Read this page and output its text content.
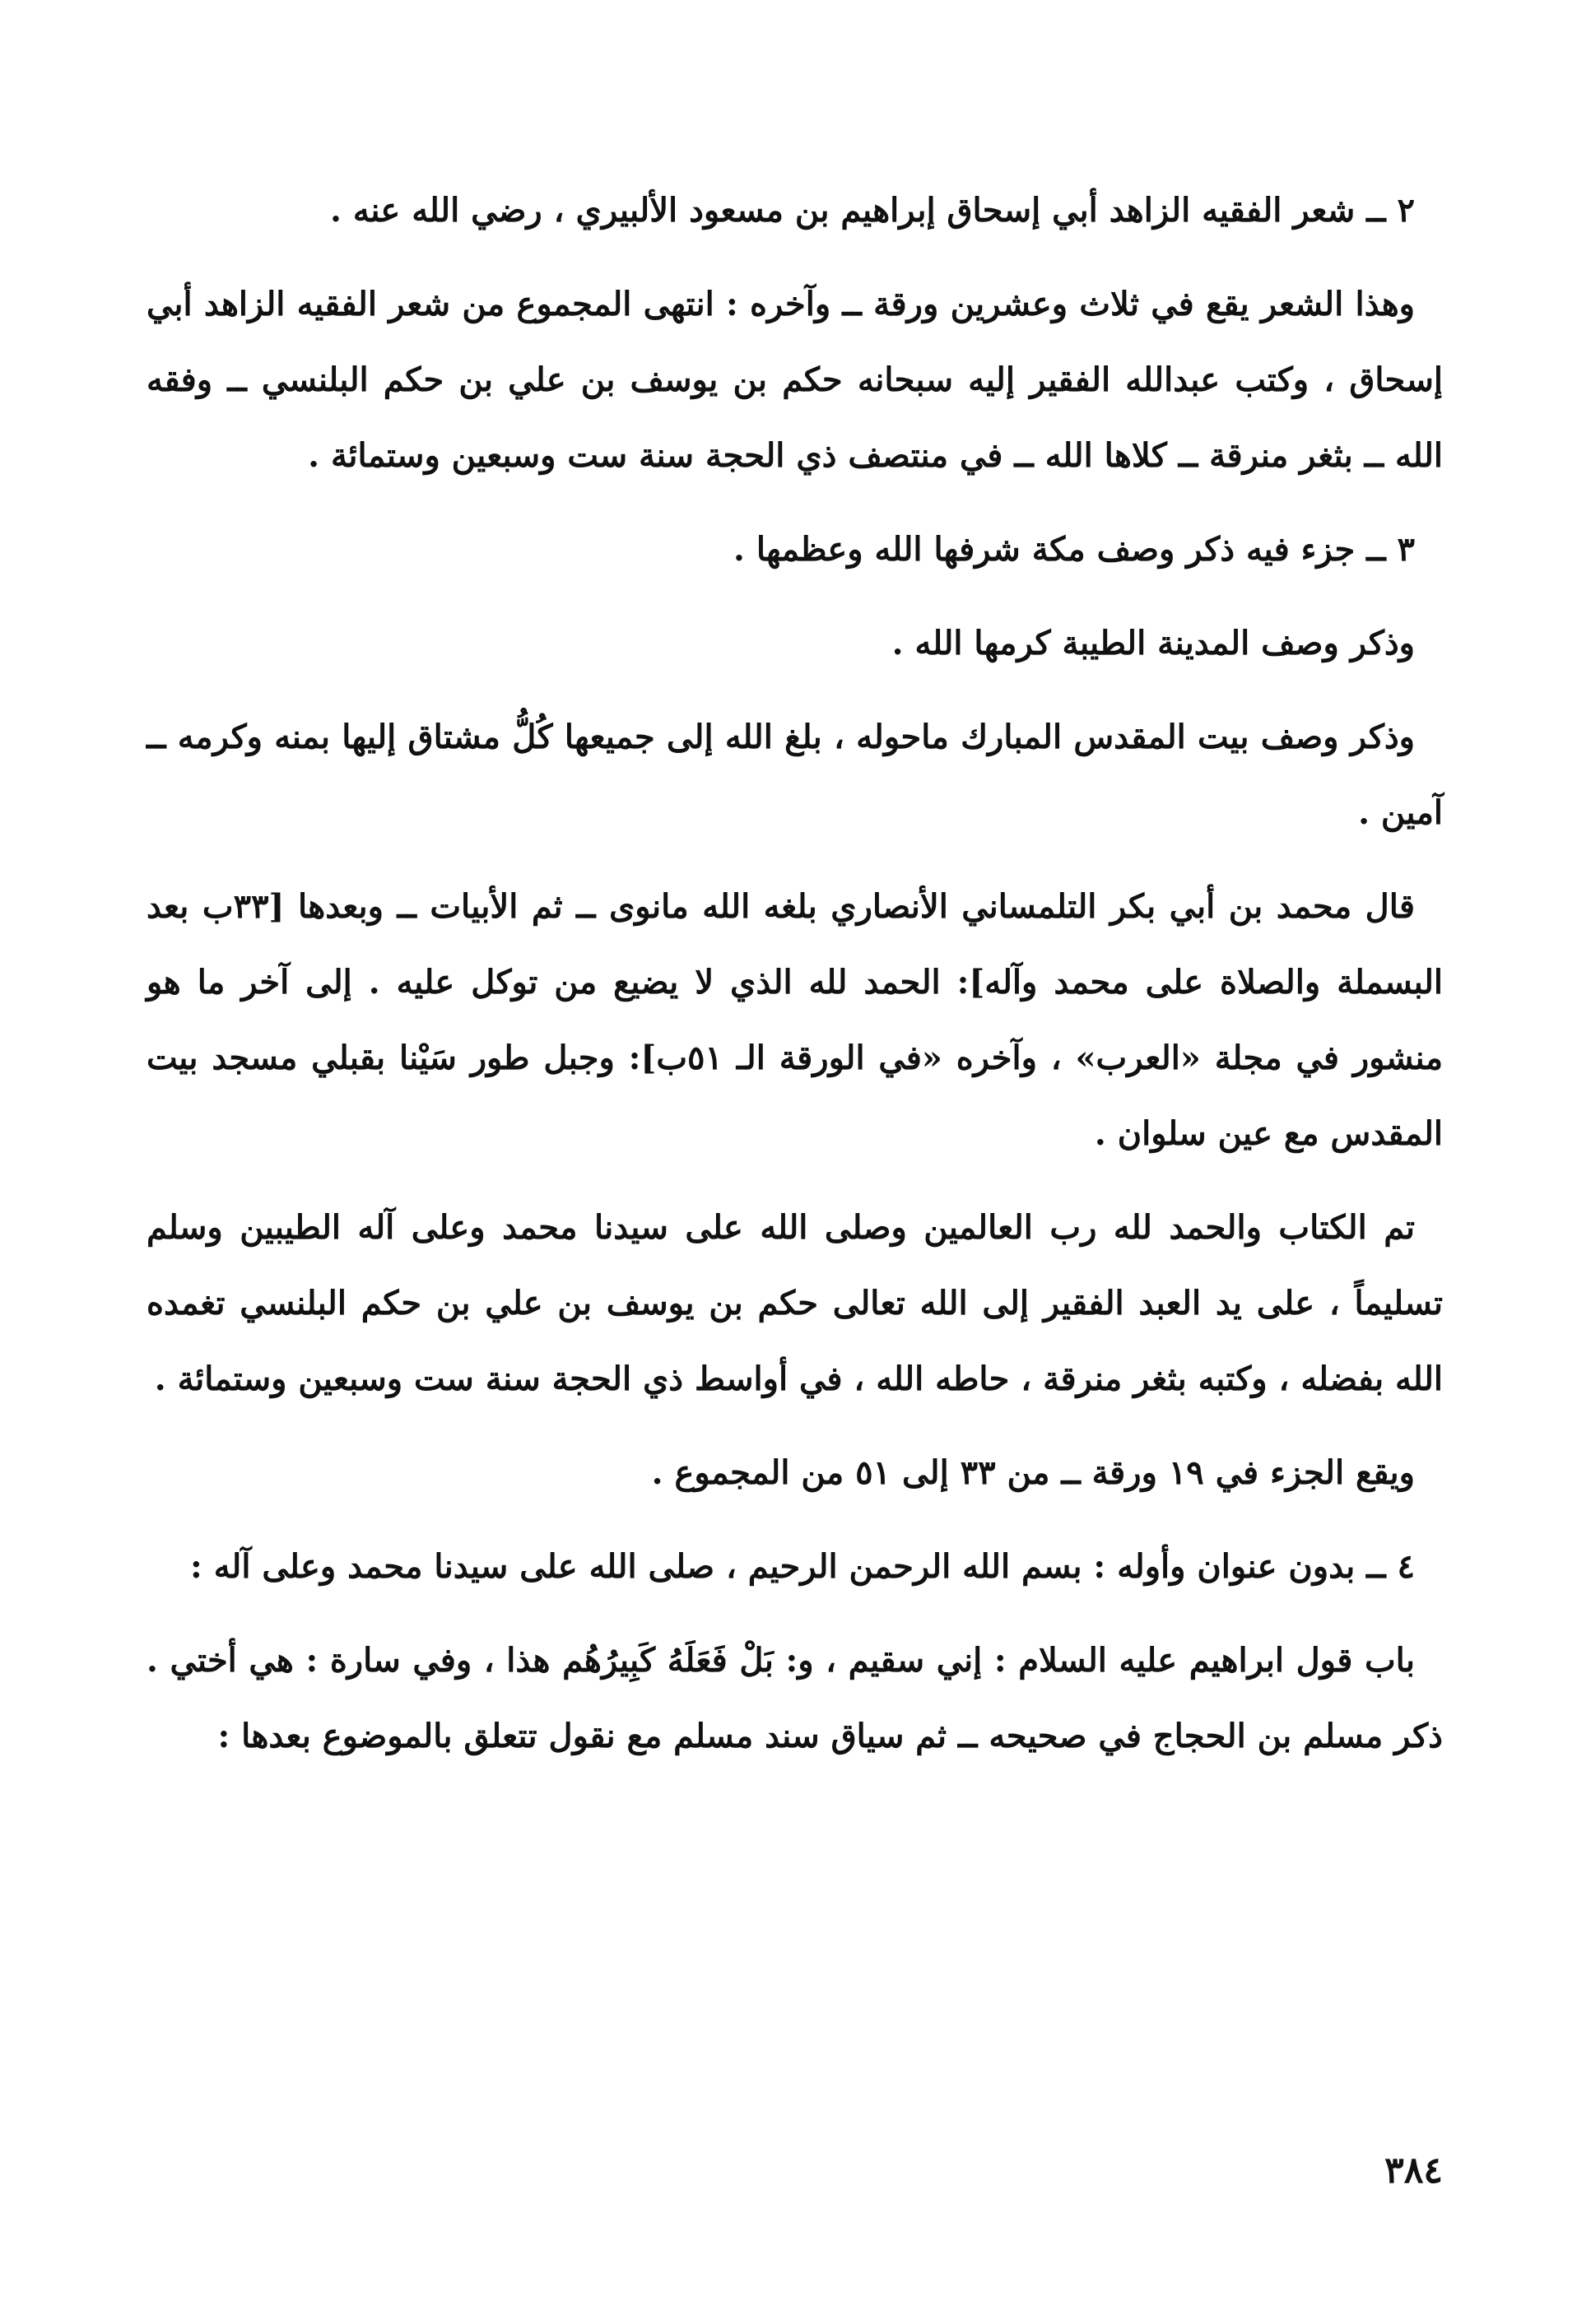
٢ ــ شعر الفقيه الزاهد أبي إسحاق إبراهيم بن مسعود الألبيري ، رضي الله عنه .

وهذا الشعر يقع في ثلاث وعشرين ورقة ــ وآخره : انتهى المجموع من شعر الفقيه الزاهد أبي إسحاق ، وكتب عبدالله الفقير إليه سبحانه حكم بن يوسف بن علي بن حكم البلنسي ــ وفقه الله ــ بثغر منرقة ــ كلاها الله ــ في منتصف ذي الحجة سنة ست وسبعين وستمائة .

٣ ــ جزء فيه ذكر وصف مكة شرفها الله وعظمها .

وذكر وصف المدينة الطيبة كرمها الله .

وذكر وصف بيت المقدس المبارك ماحوله ، بلغ الله إلى جميعها كُلُّ مشتاق إليها بمنه وكرمه ــ آمين .

قال محمد بن أبي بكر التلمساني الأنصاري بلغه الله مانوى ــ ثم الأبيات ــ وبعدها [٣٣ب بعد البسملة والصلاة على محمد وآله]: الحمد لله الذي لا يضيع من توكل عليه . إلى آخر ما هو منشور في مجلة «العرب» ، وآخره «في الورقة الـ ٥١ب]: وجبل طور سَيْنا بقبلي مسجد بيت المقدس مع عين سلوان .

تم الكتاب والحمد لله رب العالمين وصلى الله على سيدنا محمد وعلى آله الطيبين وسلم تسليماً ، على يد العبد الفقير إلى الله تعالى حكم بن يوسف بن علي بن حكم البلنسي تغمده الله بفضله ، وكتبه بثغر منرقة ، حاطه الله ، في أواسط ذي الحجة سنة ست وسبعين وستمائة .

ويقع الجزء في ١٩ ورقة ــ من ٣٣ إلى ٥١ من المجموع .

٤ ــ بدون عنوان وأوله : بسم الله الرحمن الرحيم ، صلى الله على سيدنا محمد وعلى آله :

باب قول ابراهيم عليه السلام : إني سقيم ، و: بَلْ فَعَلَهُ كَبِيرُهُم هذا ، وفي سارة : هي أختي . ذكر مسلم بن الحجاج في صحيحه ــ ثم سياق سند مسلم مع نقول تتعلق بالموضوع بعدها :

٣٨٤
